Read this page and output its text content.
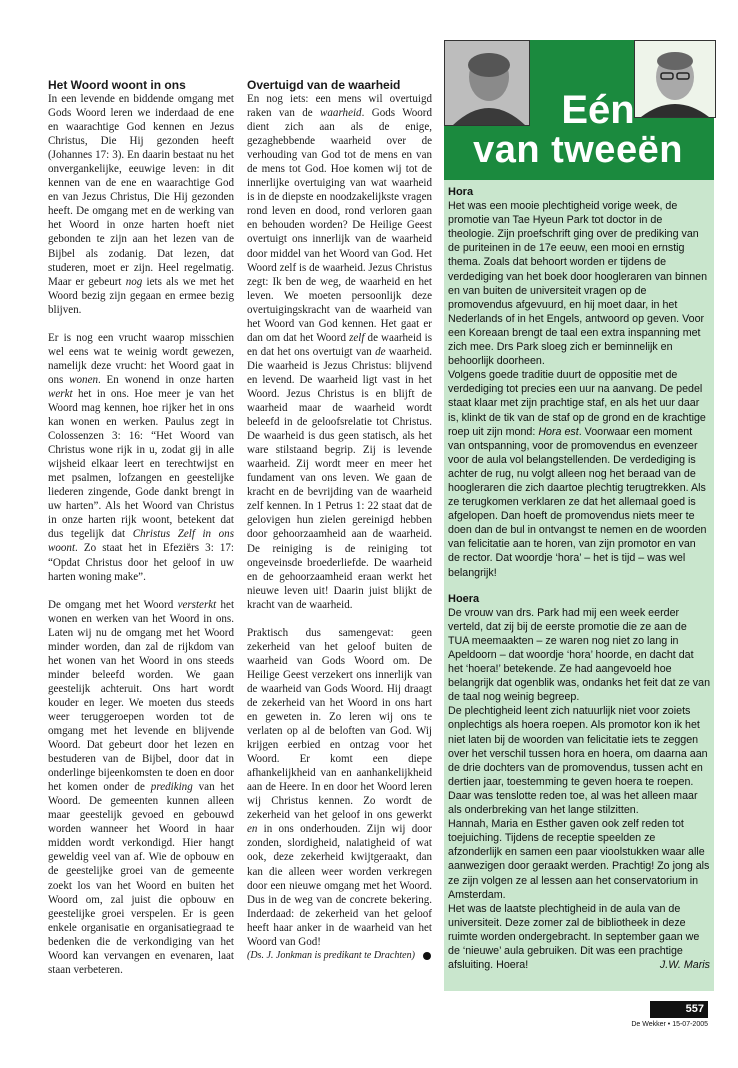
Het Woord woont in ons

In een levende en biddende omgang met Gods Woord leren we inderdaad de ene en waarachtige God kennen en Jezus Christus, Die Hij gezonden heeft (Johannes 17: 3). En daarin bestaat nu het onvergankelijke, eeuwige leven: in dit kennen van de ene en waarachtige God en van Jezus Christus, Die Hij gezonden heeft. De omgang met en de werking van het Woord in onze harten hoeft niet gebonden te zijn aan het lezen van de Bijbel als zodanig. Dat lezen, dat studeren, moet er zijn. Heel regelmatig. Maar er gebeurt nog iets als we met het Woord bezig zijn gegaan en ermee bezig blijven.

Er is nog een vrucht waarop misschien wel eens wat te weinig wordt gewezen, namelijk deze vrucht: het Woord gaat in ons wonen. En wonend in onze harten werkt het in ons. Hoe meer je van het Woord mag kennen, hoe rijker het in ons kan wonen en werken. Paulus zegt in Colossenzen 3: 16: “Het Woord van Christus wone rijk in u, zodat gij in alle wijsheid elkaar leert en terechtwijst en met psalmen, lofzangen en geestelijke liederen zingende, Gode dankt brengt in uw harten”. Als het Woord van Christus in onze harten rijk woont, betekent dat dus tegelijk dat Christus Zelf in ons woont. Zo staat het in Efeziërs 3: 17: “Opdat Christus door het geloof in uw harten woning make”.

De omgang met het Woord versterkt het wonen en werken van het Woord in ons. Laten wij nu de omgang met het Woord minder worden, dan zal de rijkdom van het wonen van het Woord in ons steeds minder beleefd worden. We gaan geestelijk achteruit. Ons hart wordt kouder en leger. We moeten dus steeds weer teruggeroepen worden tot de omgang met het levende en blijvende Woord. Dat gebeurt door het lezen en bestuderen van de Bijbel, door dat in onderlinge bijeenkomsten te doen en door het komen onder de prediking van het Woord. De gemeenten kunnen alleen maar geestelijk gevoed en gebouwd worden wanneer het Woord in haar midden wordt verkondigd. Hier hangt geweldig veel van af. Wie de opbouw en de geestelijke groei van de gemeente zoekt los van het Woord en buiten het Woord om, zal juist die opbouw en geestelijke groei verspelen. Er is geen enkele organisatie en organisatiegraad te bedenken die de verkondiging van het Woord kan vervangen en evenaren, laat staan verbeteren.

Overtuigd van de waarheid

En nog iets: een mens wil overtuigd raken van de waarheid. Gods Woord dient zich aan als de enige, gezaghebbende waarheid over de verhouding van God tot de mens en van de mens tot God. Hoe komen wij tot de innerlijke overtuiging van wat waarheid is in de diepste en noodzakelijkste vragen rond leven en dood, rond verloren gaan en behouden worden? De Heilige Geest overtuigt ons innerlijk van de waarheid door middel van het Woord van God. Het Woord zelf is de waarheid. Jezus Christus zegt: Ik ben de weg, de waarheid en het leven. We moeten persoonlijk deze overtuigingskracht van de waarheid van het Woord van God kennen. Het gaat er dan om dat het Woord zelf de waarheid is en dat het ons overtuigt van de waarheid. Die waarheid is Jezus Christus: blijvend en levend. De waarheid ligt vast in het Woord. Jezus Christus is en blijft de waarheid maar de waarheid wordt beleefd in de geloofsrelatie tot Christus. De waarheid is dus geen statisch, als het ware stilstaand begrip. Zij is levende waarheid. Zij wordt meer en meer het fundament van ons leven. We gaan de kracht en de bevrijding van de waarheid zelf kennen. In 1 Petrus 1: 22 staat dat de gelovigen hun zielen gereinigd hebben door gehoorzaamheid aan de waarheid. De reiniging is de reiniging tot ongeveinsde broederliefde. De waarheid en de gehoorzaamheid eraan werkt het nieuwe leven uit! Daarin juist blijkt de kracht van de waarheid.

Praktisch dus samengevat: geen zekerheid van het geloof buiten de waarheid van Gods Woord om. De Heilige Geest verzekert ons innerlijk van de waarheid van Gods Woord. Hij draagt de zekerheid van het Woord in ons hart en geweten in. Zo leren wij ons te verlaten op al de beloften van God. Wij krijgen eerbied en ontzag voor het Woord. Er komt een diepe afhankelijkheid van en aanhankelijkheid aan de Heere. In en door het Woord leren wij Christus kennen. Zo wordt de zekerheid van het geloof in ons gewerkt en in ons onderhouden. Zijn wij door zonden, slordigheid, nalatigheid of wat ook, deze zekerheid kwijtgeraakt, dan kan die alleen weer worden verkregen door een nieuwe omgang met het Woord. Dus in de weg van de concrete bekering. Inderdaad: de zekerheid van het geloof heeft haar anker in de waarheid van het Woord van God!

(Ds. J. Jonkman is predikant te Drachten)

Eén
van tweeën
Hora

Het was een mooie plechtigheid vorige week, de promotie van Tae Hyeun Park tot doctor in de theologie. Zijn proefschrift ging over de prediking van de puriteinen in de 17e eeuw, een mooi en ernstig thema. Zoals dat behoort worden er tijdens de verdediging van het boek door hoogleraren van binnen en van buiten de universiteit vragen op de promovendus afgevuurd, en hij moet daar, in het Nederlands of in het Engels, antwoord op geven. Voor een Koreaan brengt de taal een extra inspanning met zich mee. Drs Park sloeg zich er beminnelijk en behoorlijk doorheen.

Volgens goede traditie duurt de oppositie met de verdediging tot precies een uur na aanvang. De pedel staat klaar met zijn prachtige staf, en als het uur daar is, klinkt de tik van de staf op de grond en de krachtige roep uit zijn mond: Hora est. Voorwaar een moment van ontspanning, voor de promovendus en evenzeer voor de aula vol belangstellenden. De verdediging is achter de rug, nu volgt alleen nog het beraad van de hoogleraren die zich daartoe plechtig terugtrekken. Als ze terugkomen verklaren ze dat het allemaal goed is afgelopen. Dan hoeft de promovendus niets meer te doen dan de bul in ontvangst te nemen en de woorden van felicitatie aan te horen, van zijn promotor en van de rector. Dat woordje ‘hora’ – het is tijd – was wel belangrijk!

Hoera

De vrouw van drs. Park had mij een week eerder verteld, dat zij bij de eerste promotie die ze aan de TUA meemaakten – ze waren nog niet zo lang in Apeldoorn – dat woordje ‘hora’ hoorde, en dacht dat het ‘hoera!’ betekende. Ze had aangevoeld hoe belangrijk dat ogenblik was, ondanks het feit dat ze van de taal nog weinig begreep.

De plechtigheid leent zich natuurlijk niet voor zoiets onplechtigs als hoera roepen. Als promotor kon ik het niet laten bij de woorden van felicitatie iets te zeggen over het verschil tussen hora en hoera, om daarna aan de drie dochters van de promovendus, tussen acht en dertien jaar, toestemming te geven hoera te roepen. Daar was tenslotte reden toe, al was het alleen maar als onderbreking van het lange stilzitten.

Hannah, Maria en Esther gaven ook zelf reden tot toejuiching. Tijdens de receptie speelden ze afzonderlijk en samen een paar vioolstukken waar alle aanwezigen door geraakt werden. Prachtig! Zo jong als ze zijn volgen ze al lessen aan het conservatorium in Amsterdam.

Het was de laatste plechtigheid in de aula van de universiteit. Deze zomer zal de bibliotheek in deze ruimte worden ondergebracht. In september gaan we de ‘nieuwe’ aula gebruiken. Dit was een prachtige afsluiting. Hoera!	J.W. Maris

557
De Wekker • 15-07-2005
